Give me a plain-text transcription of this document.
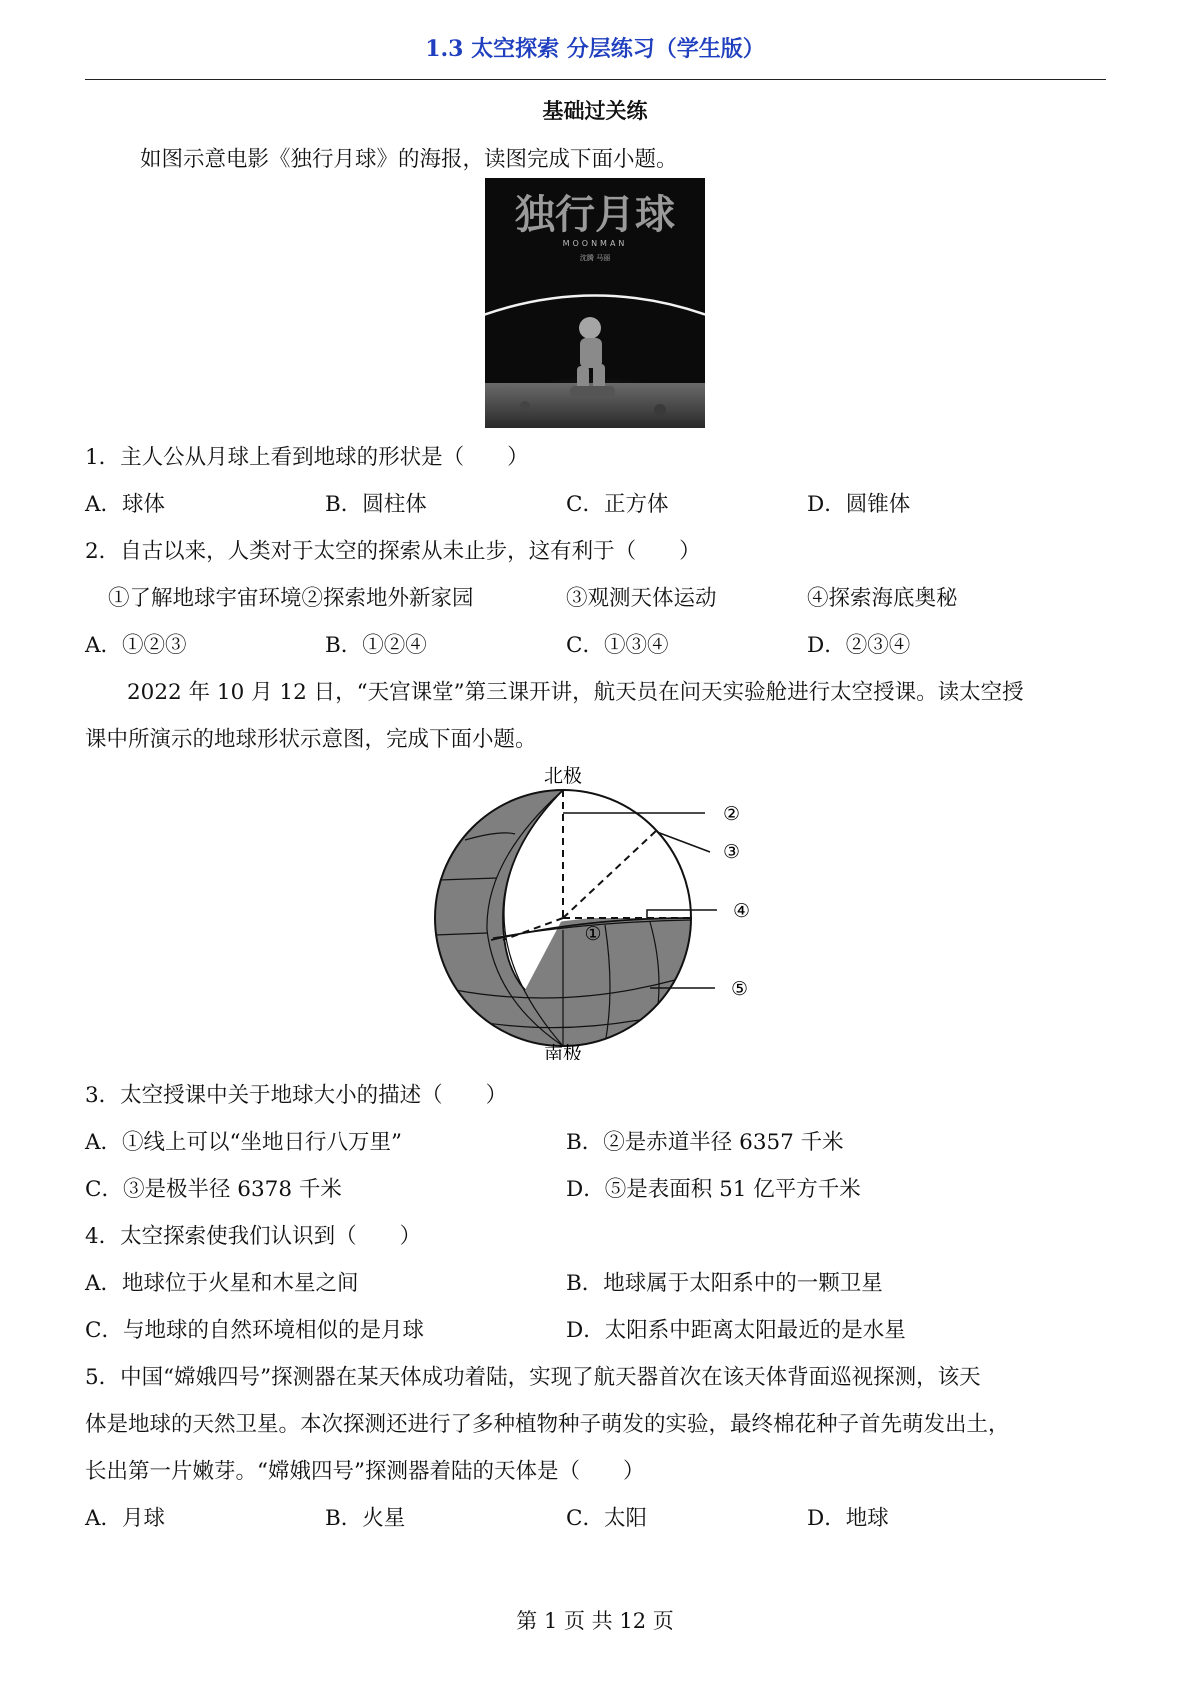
1.3 太空探索 分层练习（学生版）
基础过关练
如图示意电影《独行月球》的海报，读图完成下面小题。
独行月球
MOONMAN
沈腾 马丽
1．主人公从月球上看到地球的形状是（　　）
A．球体	B．圆柱体	C．正方体	D．圆锥体
2．自古以来，人类对于太空的探索从未止步，这有利于（　　）
①了解地球宇宙环境②探索地外新家园	③观测天体运动	④探索海底奥秘
A．①②③	B．①②④	C．①③④	D．②③④
2022 年 10 月 12 日，“天宫课堂”第三课开讲，航天员在问天实验舱进行太空授课。读太空授
课中所演示的地球形状示意图，完成下面小题。
北极
南极
①
②
③
④
⑤
3．太空授课中关于地球大小的描述（　　）
A．①线上可以“坐地日行八万里”	B．②是赤道半径 6357 千米
C．③是极半径 6378 千米	D．⑤是表面积 51 亿平方千米
4．太空探索使我们认识到（　　）
A．地球位于火星和木星之间	B．地球属于太阳系中的一颗卫星
C．与地球的自然环境相似的是月球	D．太阳系中距离太阳最近的是水星
5．中国“嫦娥四号”探测器在某天体成功着陆，实现了航天器首次在该天体背面巡视探测，该天
体是地球的天然卫星。本次探测还进行了多种植物种子萌发的实验，最终棉花种子首先萌发出土，
长出第一片嫩芽。“嫦娥四号”探测器着陆的天体是（　　）
A．月球	B．火星	C．太阳	D．地球
第 1 页 共 12 页
